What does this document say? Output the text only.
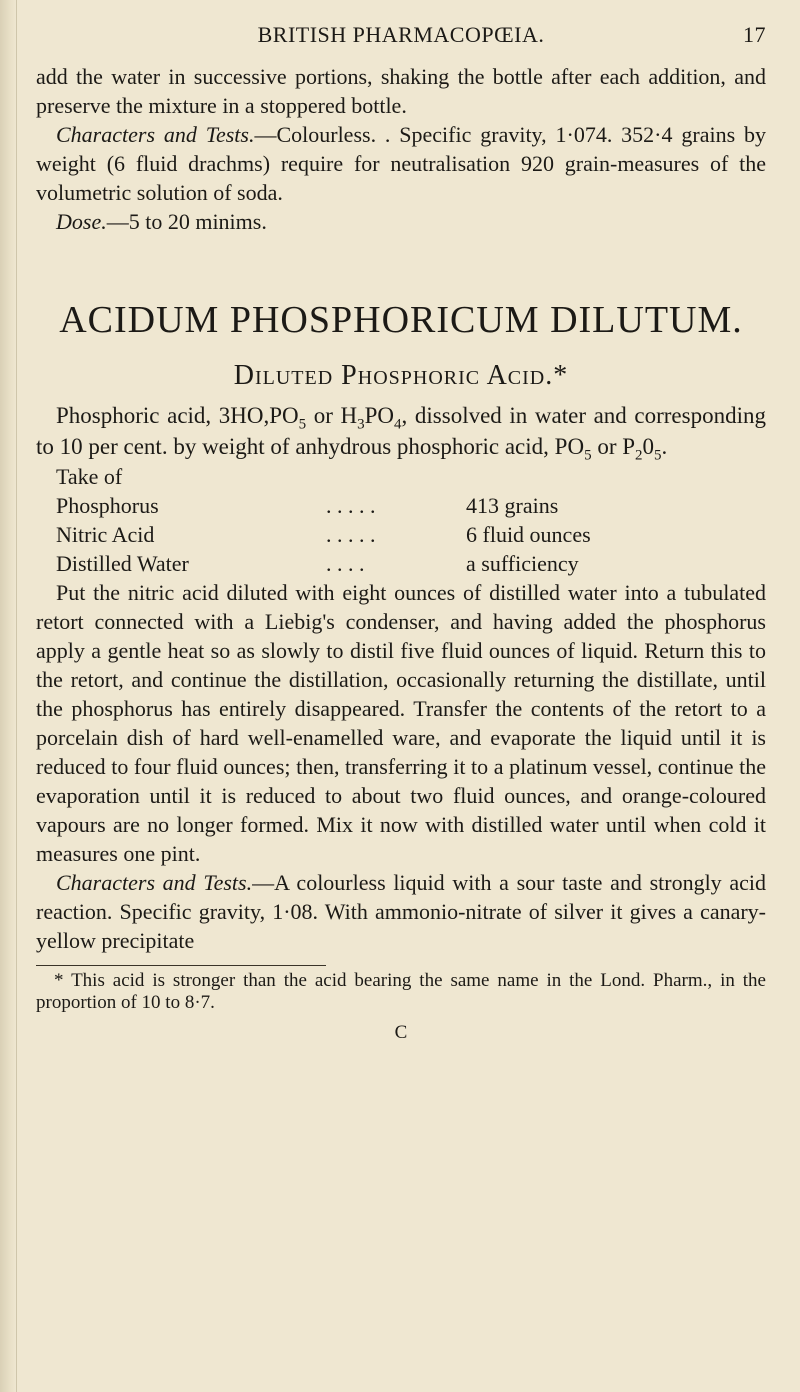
BRITISH PHARMACOPŒIA.	17

add the water in successive portions, shaking the bottle after each addition, and preserve the mixture in a stoppered bottle.

Characters and Tests.—Colourless. . Specific gravity, 1·074. 352·4 grains by weight (6 fluid drachms) require for neutralisation 920 grain-measures of the volumetric solution of soda.

Dose.—5 to 20 minims.

ACIDUM PHOSPHORICUM DILUTUM.
Diluted Phosphoric Acid.*

Phosphoric acid, $3HO,PO_5$ or $H_3PO_4$, dissolved in water and corresponding to 10 per cent. by weight of anhydrous phosphoric acid, $PO_5$ or $P_20_5$.

Take of

Phosphorus	. . . . .	413 grains
Nitric Acid	. . . . .	6 fluid ounces
Distilled Water	. . . .	a sufficiency

Put the nitric acid diluted with eight ounces of distilled water into a tubulated retort connected with a Liebig's condenser, and having added the phosphorus apply a gentle heat so as slowly to distil five fluid ounces of liquid. Return this to the retort, and continue the distillation, occasionally returning the distillate, until the phosphorus has entirely disappeared. Transfer the contents of the retort to a porcelain dish of hard well-enamelled ware, and evaporate the liquid until it is reduced to four fluid ounces; then, transferring it to a platinum vessel, continue the evaporation until it is reduced to about two fluid ounces, and orange-coloured vapours are no longer formed. Mix it now with distilled water until when cold it measures one pint.

Characters and Tests.—A colourless liquid with a sour taste and strongly acid reaction. Specific gravity, 1·08. With ammonio-nitrate of silver it gives a canary-yellow precipitate

* This acid is stronger than the acid bearing the same name in the Lond. Pharm., in the proportion of 10 to 8·7.

C
